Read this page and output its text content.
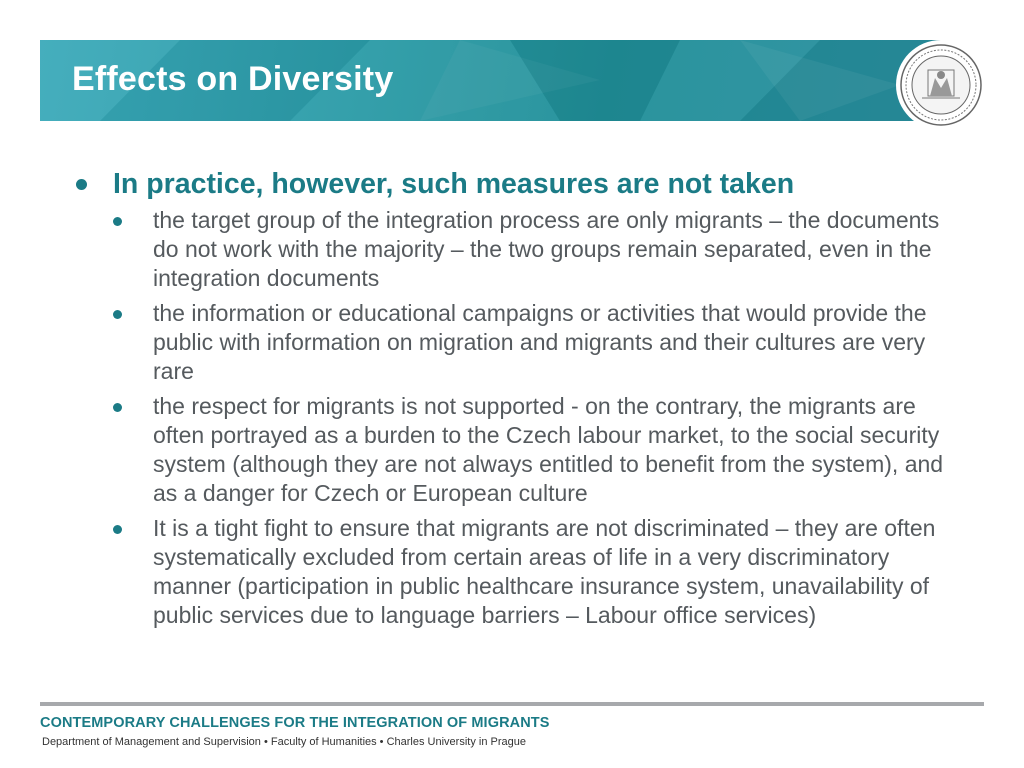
Effects on Diversity
In practice, however, such measures are not taken
the target group of the integration process are only migrants – the documents do not work with the majority – the two groups remain separated, even in the integration documents
the information or educational campaigns or activities that would provide the public with information on migration and migrants and their cultures are very rare
the respect for migrants is not supported - on the contrary, the migrants are often portrayed as a burden to the Czech labour market, to the social security system (although they are not always entitled to benefit from the system), and as a danger for Czech or European culture
It is a tight fight to ensure that migrants are not discriminated – they are often systematically excluded from certain areas of life in a very discriminatory manner (participation in public healthcare insurance system, unavailability of public services due to language barriers – Labour office services)
CONTEMPORARY CHALLENGES FOR THE INTEGRATION OF MIGRANTS
Department of Management and Supervision • Faculty of Humanities • Charles University in Prague
